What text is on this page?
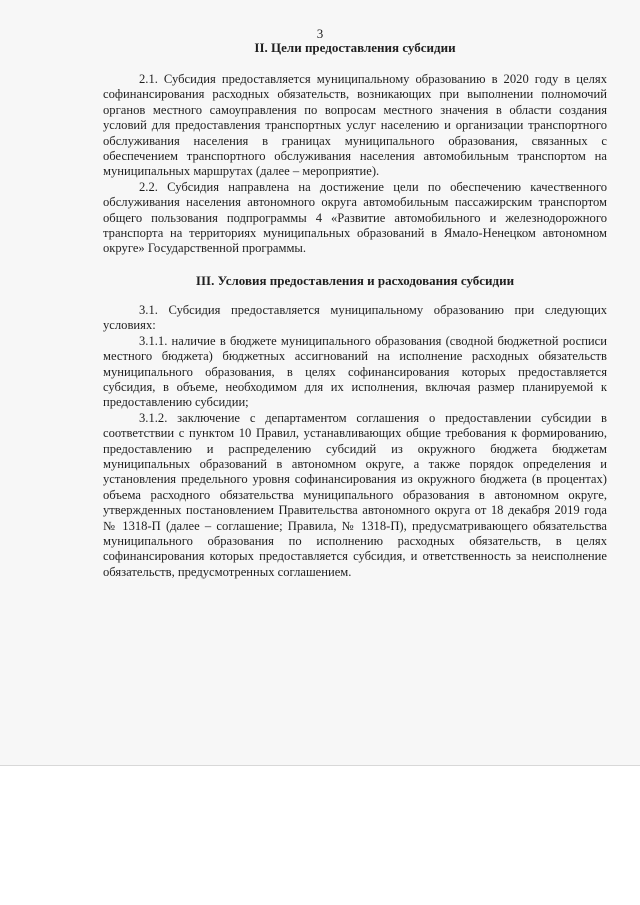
3
II. Цели предоставления субсидии

2.1. Субсидия предоставляется муниципальному образованию в 2020 году в целях софинансирования расходных обязательств, возникающих при выполнении полномочий органов местного самоуправления по вопросам местного значения в области создания условий для предоставления транспортных услуг населению и организации транспортного обслуживания населения в границах муниципального образования, связанных с обеспечением транспортного обслуживания населения автомобильным транспортом на муниципальных маршрутах (далее – мероприятие).

2.2. Субсидия направлена на достижение цели по обеспечению качественного обслуживания населения автономного округа автомобильным пассажирским транспортом общего пользования подпрограммы 4 «Развитие автомобильного и железнодорожного транспорта на территориях муниципальных образований в Ямало-Ненецком автономном округе» Государственной программы.

III. Условия предоставления и расходования субсидии

3.1. Субсидия предоставляется муниципальному образованию при следующих условиях:

3.1.1. наличие в бюджете муниципального образования (сводной бюджетной росписи местного бюджета) бюджетных ассигнований на исполнение расходных обязательств муниципального образования, в целях софинансирования которых предоставляется субсидия, в объеме, необходимом для их исполнения, включая размер планируемой к предоставлению субсидии;

3.1.2. заключение с департаментом соглашения о предоставлении субсидии в соответствии с пунктом 10 Правил, устанавливающих общие требования к формированию, предоставлению и распределению субсидий из окружного бюджета бюджетам муниципальных образований в автономном округе, а также порядок определения и установления предельного уровня софинансирования из окружного бюджета (в процентах) объема расходного обязательства муниципального образования в автономном округе, утвержденных постановлением Правительства автономного округа от 18 декабря 2019 года № 1318-П (далее – соглашение; Правила, № 1318-П), предусматривающего обязательства муниципального образования по исполнению расходных обязательств, в целях софинансирования которых предоставляется субсидия, и ответственность за неисполнение обязательств, предусмотренных соглашением.
